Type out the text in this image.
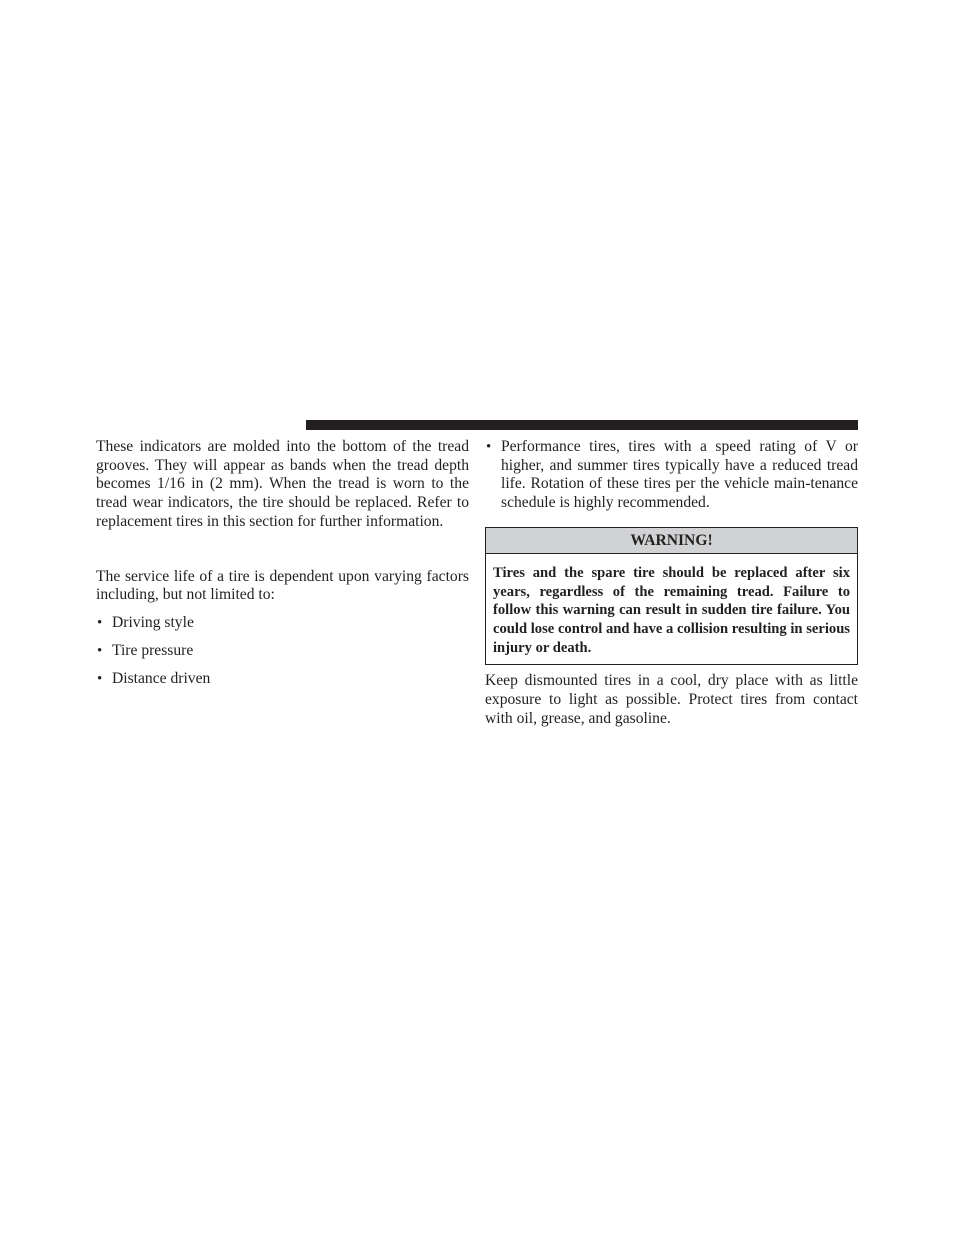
These indicators are molded into the bottom of the tread grooves. They will appear as bands when the tread depth becomes 1/16 in (2 mm). When the tread is worn to the tread wear indicators, the tire should be replaced. Refer to replacement tires in this section for further information.

The service life of a tire is dependent upon varying factors including, but not limited to:

• Driving style
• Tire pressure
• Distance driven
• Performance tires, tires with a speed rating of V or higher, and summer tires typically have a reduced tread life. Rotation of these tires per the vehicle main-tenance schedule is highly recommended.
WARNING!
Tires and the spare tire should be replaced after six years, regardless of the remaining tread. Failure to follow this warning can result in sudden tire failure. You could lose control and have a collision resulting in serious injury or death.

Keep dismounted tires in a cool, dry place with as little exposure to light as possible. Protect tires from contact with oil, grease, and gasoline.
